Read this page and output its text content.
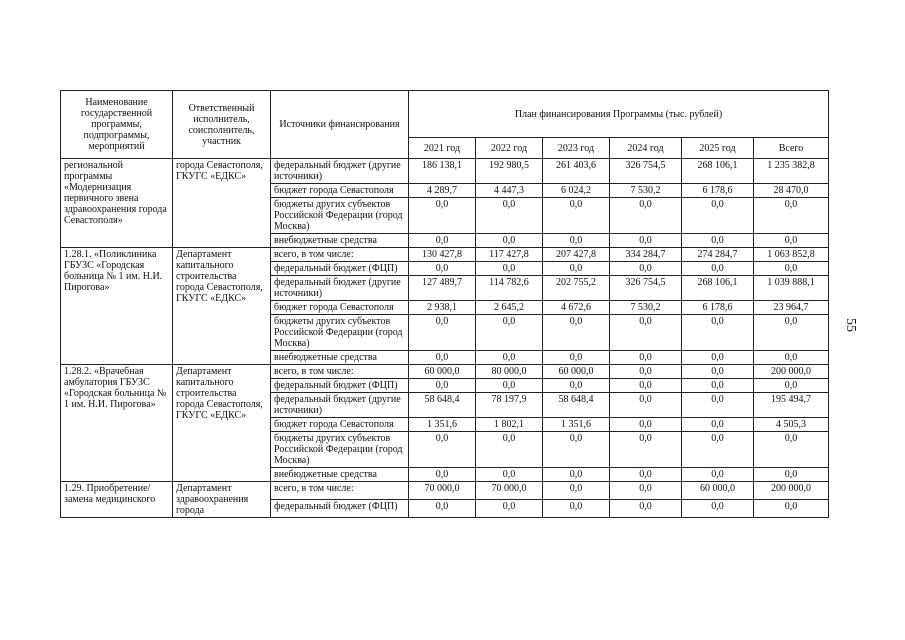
55
Наименование государственной программы, подпрограммы, мероприятий	Ответственный исполнитель, соисполнитель, участник	Источники финансирования	План финансирования Программы (тыс. рублей)					
			2021 год	2022 год	2023 год	2024 год	2025 год	Всего
региональной программы «Модернизация первичного звена здравоохранения города Севастополя»	города Севастополя, ГКУГС «ЕДКС»	федеральный бюджет (другие источники)	186 138,1	192 980,5	261 403,6	326 754,5	268 106,1	1 235 382,8
		бюджет города Севастополя	4 289,7	4 447,3	6 024,2	7 530,2	6 178,6	28 470,0
		бюджеты других субъектов Российской Федерации (город Москва)	0,0	0,0	0,0	0,0	0,0	0,0
		внебюджетные средства	0,0	0,0	0,0	0,0	0,0	0,0
1.28.1. «Поликлиника ГБУЗС «Городская больница № 1 им. Н.И. Пирогова»	Департамент капитального строительства города Севастополя, ГКУГС «ЕДКС»	всего, в том числе:	130 427,8	117 427,8	207 427,8	334 284,7	274 284,7	1 063 852,8
		федеральный бюджет (ФЦП)	0,0	0,0	0,0	0,0	0,0	0,0
		федеральный бюджет (другие источники)	127 489,7	114 782,6	202 755,2	326 754,5	268 106,1	1 039 888,1
		бюджет города Севастополя	2 938,1	2 645,2	4 672,6	7 530,2	6 178,6	23 964,7
		бюджеты других субъектов Российской Федерации (город Москва)	0,0	0,0	0,0	0,0	0,0	0,0
		внебюджетные средства	0,0	0,0	0,0	0,0	0,0	0,0
1.28.2. «Врачебная амбулатория ГБУЗС «Городская больница № 1 им. Н.И. Пирогова»	Департамент капитального строительства города Севастополя, ГКУГС «ЕДКС»	всего, в том числе:	60 000,0	80 000,0	60 000,0	0,0	0,0	200 000,0
		федеральный бюджет (ФЦП)	0,0	0,0	0,0	0,0	0,0	0,0
		федеральный бюджет (другие источники)	58 648,4	78 197,9	58 648,4	0,0	0,0	195 494,7
		бюджет города Севастополя	1 351,6	1 802,1	1 351,6	0,0	0,0	4 505,3
		бюджеты других субъектов Российской Федерации (город Москва)	0,0	0,0	0,0	0,0	0,0	0,0
		внебюджетные средства	0,0	0,0	0,0	0,0	0,0	0,0
1.29. Приобретение/замена медицинского	Департамент здравоохранения города	всего, в том числе:	70 000,0	70 000,0	0,0	0,0	60 000,0	200 000,0
		федеральный бюджет (ФЦП)	0,0	0,0	0,0	0,0	0,0	0,0
